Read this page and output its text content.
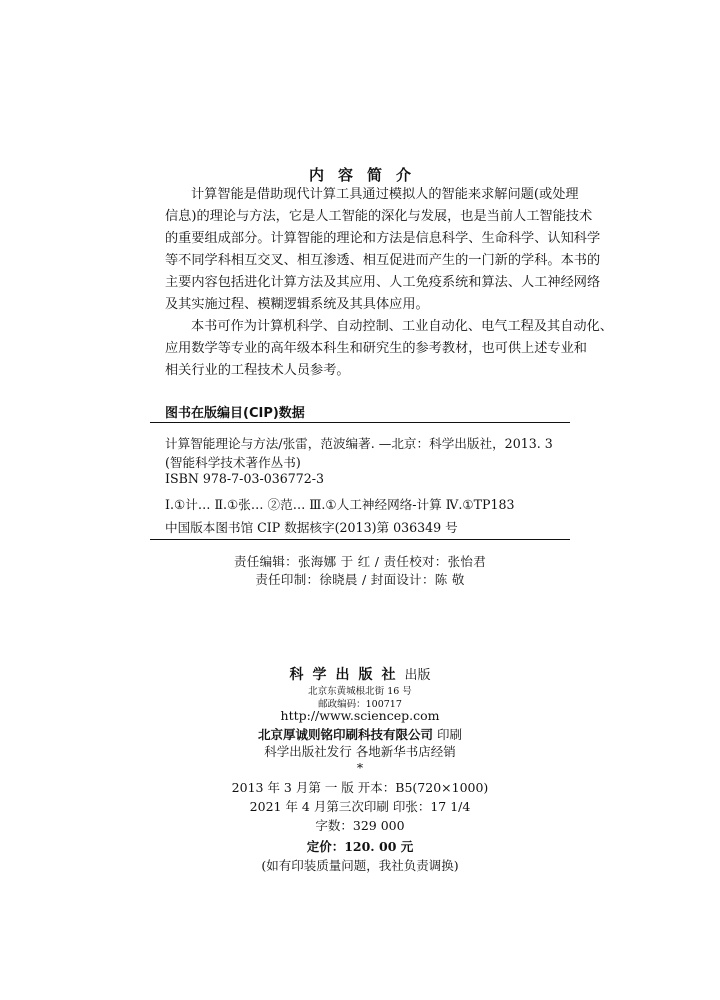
内容简介
计算智能是借助现代计算工具通过模拟人的智能来求解问题(或处理
信息)的理论与方法，它是人工智能的深化与发展，也是当前人工智能技术
的重要组成部分。计算智能的理论和方法是信息科学、生命科学、认知科学
等不同学科相互交叉、相互渗透、相互促进而产生的一门新的学科。本书的
主要内容包括进化计算方法及其应用、人工免疫系统和算法、人工神经网络
及其实施过程、模糊逻辑系统及其具体应用。
本书可作为计算机科学、自动控制、工业自动化、电气工程及其自动化、
应用数学等专业的高年级本科生和研究生的参考教材，也可供上述专业和
相关行业的工程技术人员参考。
图书在版编目(CIP)数据
计算智能理论与方法/张雷，范波编著. —北京：科学出版社，2013. 3
(智能科学技术著作丛书)
ISBN 978-7-03-036772-3
Ⅰ.①计… Ⅱ.①张… ②范… Ⅲ.①人工神经网络-计算 Ⅳ.①TP183
中国版本图书馆 CIP 数据核字(2013)第 036349 号
责任编辑：张海娜 于 红 / 责任校对：张怡君
责任印制：徐晓晨 / 封面设计：陈 敬
科学出版社出版
北京东黄城根北街 16 号
邮政编码：100717
http://www.sciencep.com
北京厚诚则铭印刷科技有限公司 印刷
科学出版社发行 各地新华书店经销
*
2013 年 3 月第 一 版 开本：B5(720×1000)
2021 年 4 月第三次印刷 印张：17 1/4
字数：329 000
定价：120. 00 元
(如有印装质量问题，我社负责调换)
